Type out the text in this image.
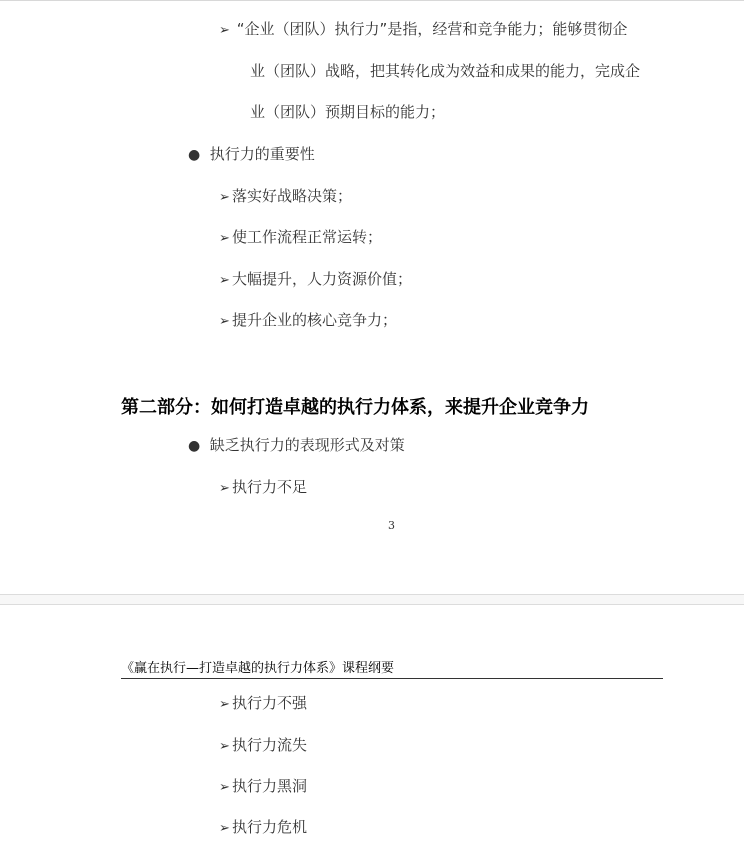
➢ “企业（团队）执行力”是指，经营和竞争能力；能够贯彻企
业（团队）战略，把其转化成为效益和成果的能力，完成企
业（团队）预期目标的能力；
● 执行力的重要性
➢ 落实好战略决策；
➢ 使工作流程正常运转；
➢ 大幅提升，人力资源价值；
➢ 提升企业的核心竞争力；
第二部分：如何打造卓越的执行力体系，来提升企业竞争力
● 缺乏执行力的表现形式及对策
➢ 执行力不足
3
《赢在执行—打造卓越的执行力体系》课程纲要
➢ 执行力不强
➢ 执行力流失
➢ 执行力黑洞
➢ 执行力危机
